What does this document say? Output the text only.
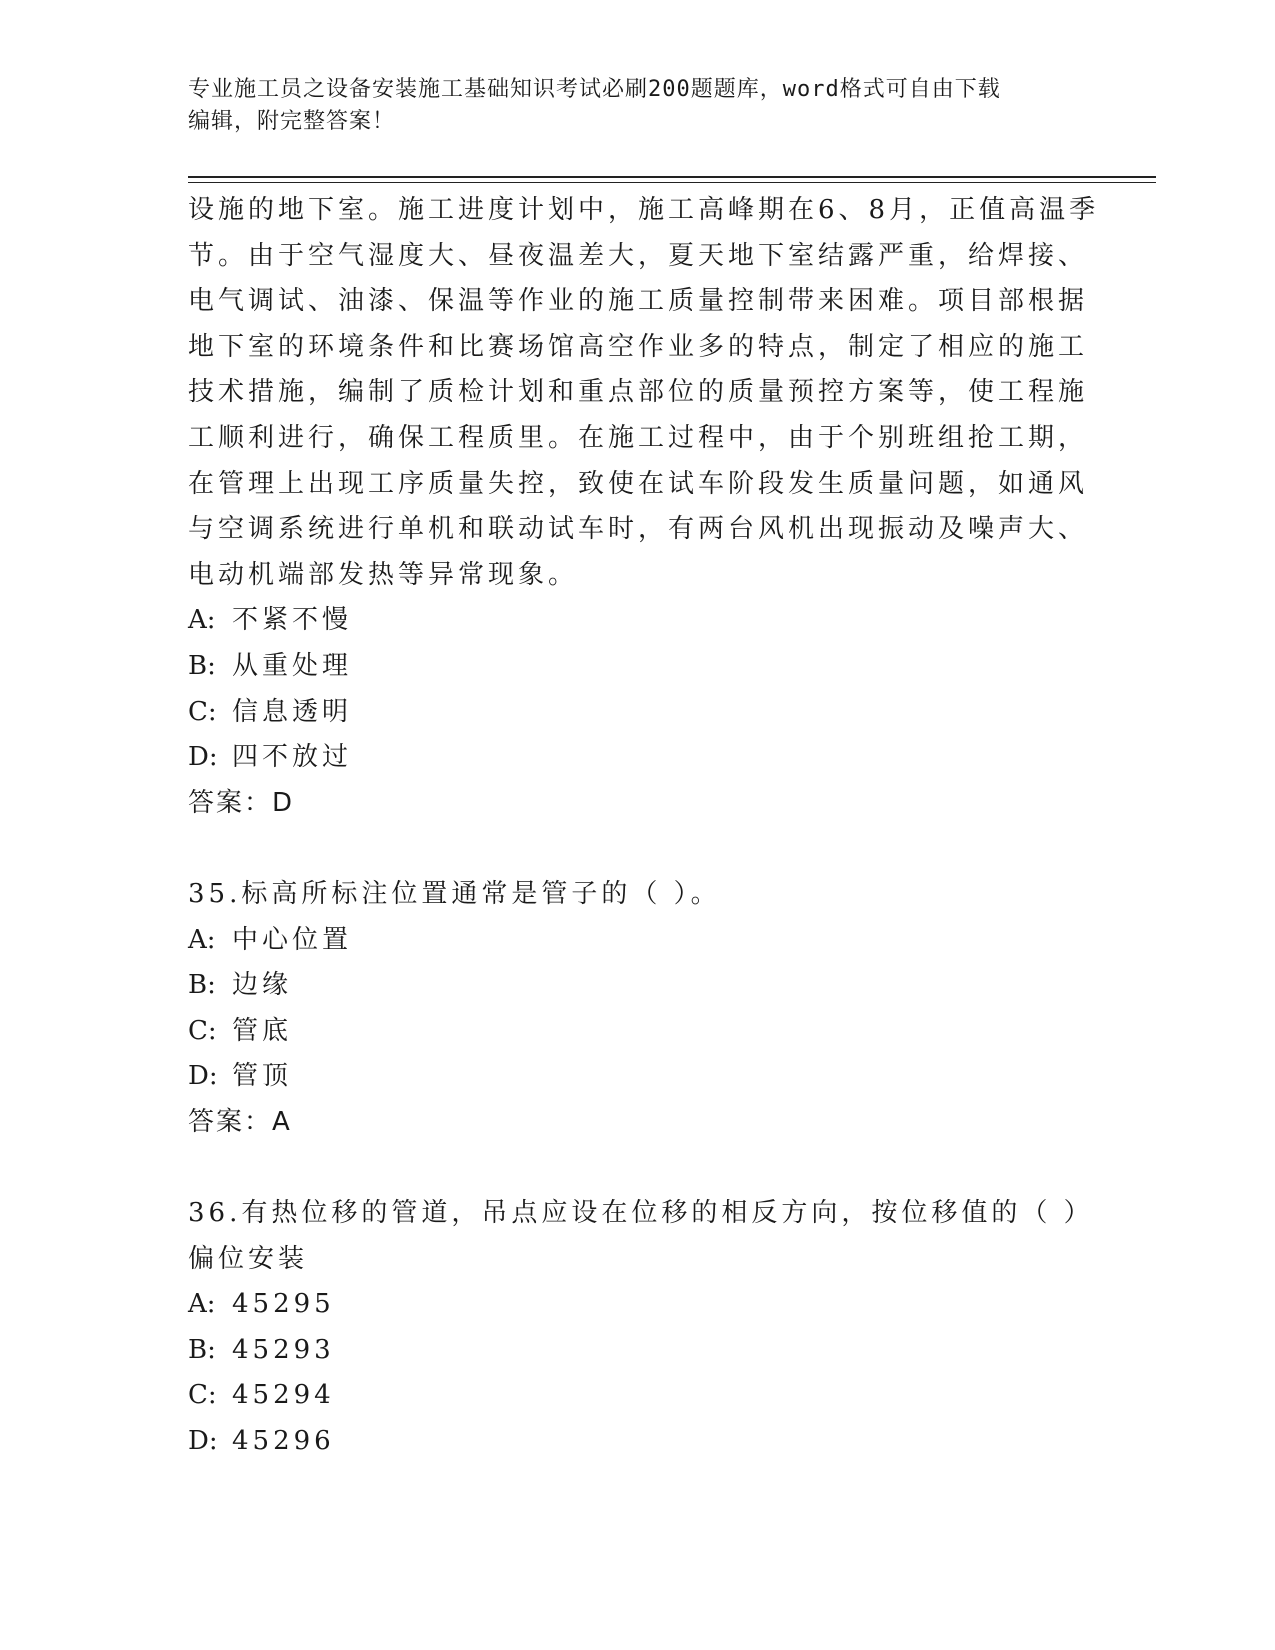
专业施工员之设备安装施工基础知识考试必刷200题题库，word格式可自由下载
编辑，附完整答案！
设施的地下室。施工进度计划中，施工高峰期在6、8月，正值高温季
节。由于空气湿度大、昼夜温差大，夏天地下室结露严重，给焊接、
电气调试、油漆、保温等作业的施工质量控制带来困难。项目部根据
地下室的环境条件和比赛场馆高空作业多的特点，制定了相应的施工
技术措施，编制了质检计划和重点部位的质量预控方案等，使工程施
工顺利进行，确保工程质里。在施工过程中，由于个别班组抢工期，
在管理上出现工序质量失控，致使在试车阶段发生质量问题，如通风
与空调系统进行单机和联动试车时，有两台风机出现振动及噪声大、
电动机端部发热等异常现象。
A: 不紧不慢
B: 从重处理
C: 信息透明
D: 四不放过
答案：D
35.标高所标注位置通常是管子的（ ）。
A: 中心位置
B: 边缘
C: 管底
D: 管顶
答案：A
36.有热位移的管道，吊点应设在位移的相反方向，按位移值的（ ）
偏位安装
A: 45295
B: 45293
C: 45294
D: 45296
